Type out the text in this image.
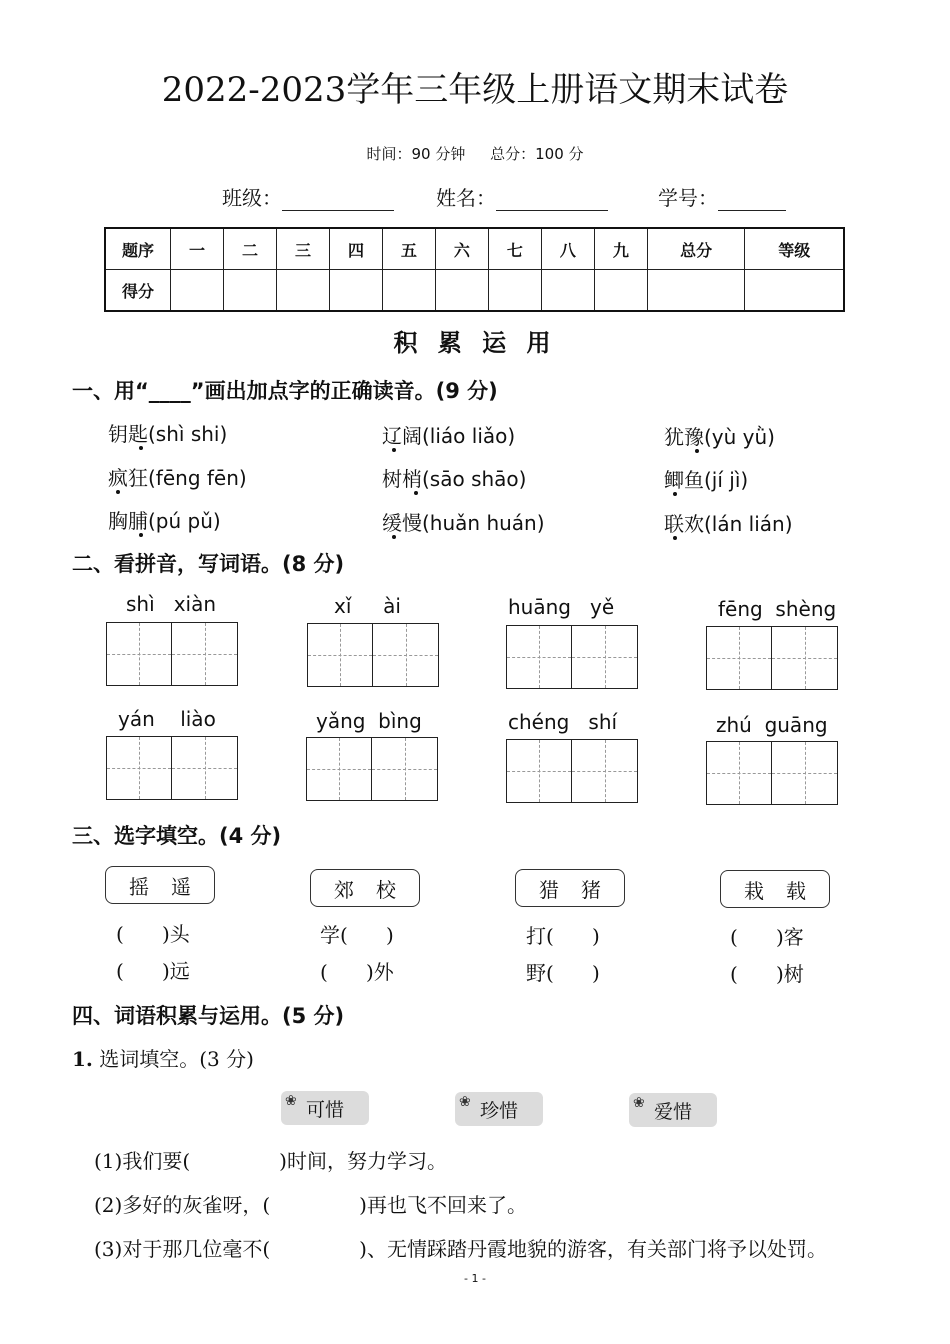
2022-2023学年三年级上册语文期末试卷
时间：90 分钟 总分：100 分
班级：	姓名：	学号：
题序	一	二	三	四	五	六	七	八	九	总分	等级
得分											
积 累 运 用
一、用“____”画出加点字的正确读音。(9 分)
钥匙(shì shi)	辽阔(liáo liǎo)	犹豫(yù yǜ)
疯狂(fēng fēn)	树梢(sāo shāo)	鲫鱼(jí jì)
胸脯(pú pǔ)	缓慢(huǎn huán)	联欢(lán lián)
二、看拼音，写词语。(8 分)
shì   xiàn	xǐ     ài	huāng   yě	fēng  shèng
yán    liào	yǎng  bìng	chéng   shí	zhú  guāng
三、选字填空。(4 分)
摇 遥	郊 校	猎 猪	栽 载
(      )头	学(      )	打(      )	(      )客
(      )远	(      )外	野(      )	(      )树
四、词语积累与运用。(5 分)
1. 选词填空。(3 分)
❀ 可惜	❀ 珍惜	❀ 爱惜
(1)我们要(              )时间，努力学习。
(2)多好的灰雀呀，(              )再也飞不回来了。
(3)对于那几位毫不(              )、无情踩踏丹霞地貌的游客，有关部门将予以处罚。
- 1 -
